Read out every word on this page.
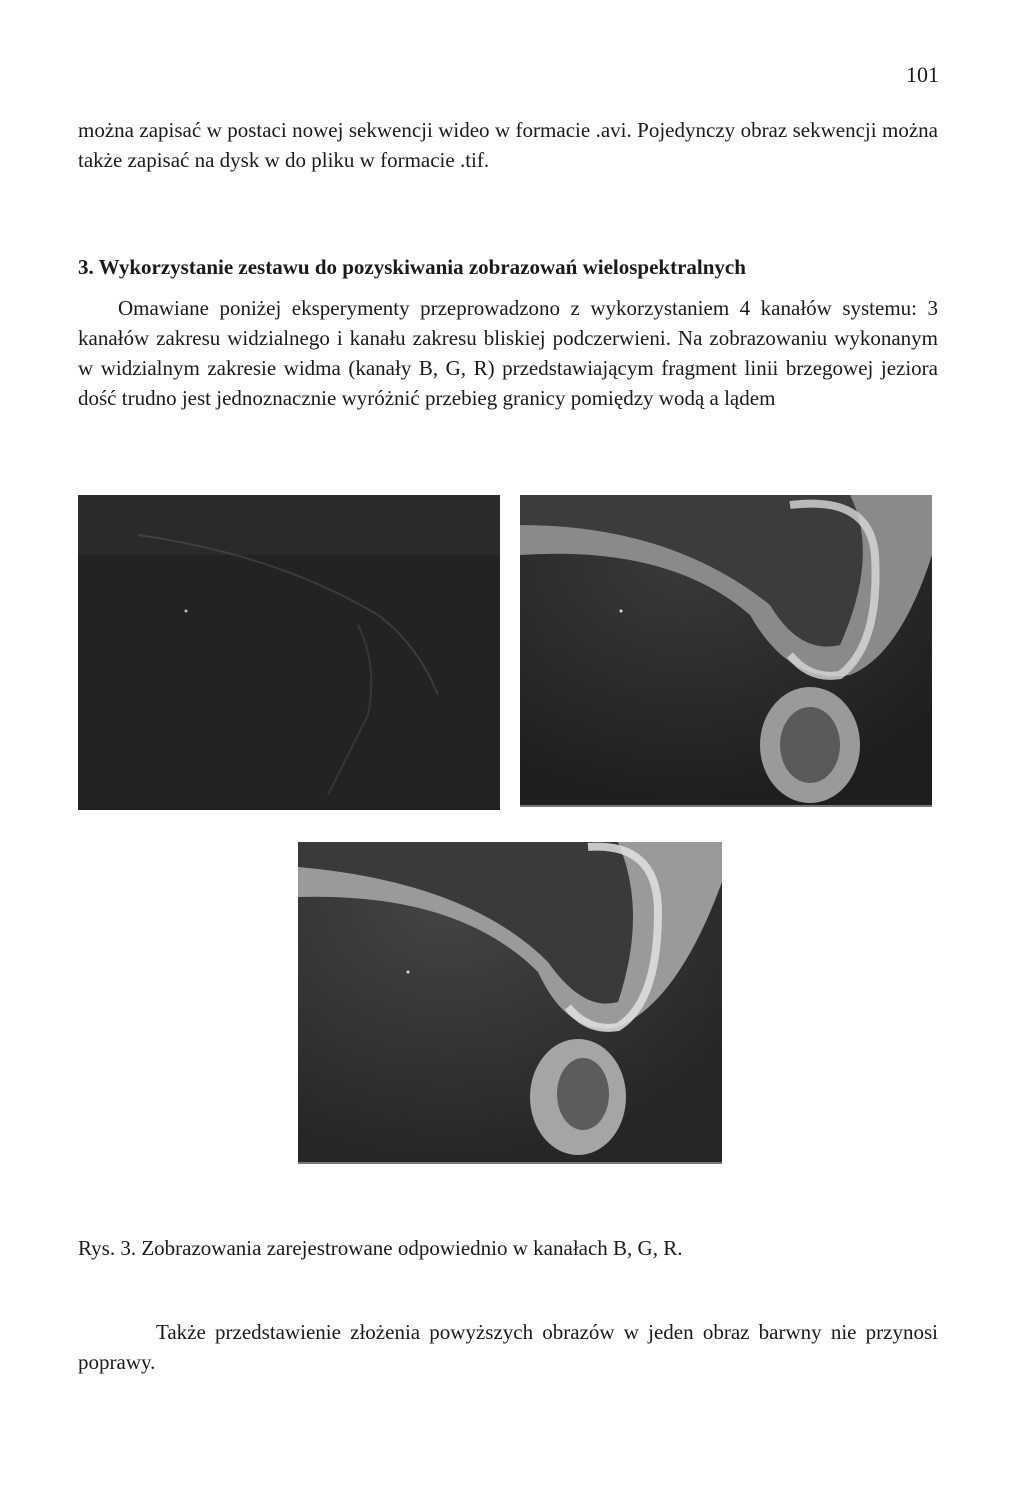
101

można zapisać w postaci nowej sekwencji wideo w formacie .avi. Pojedynczy obraz sekwencji można także zapisać na dysk w do pliku w formacie .tif.

3. Wykorzystanie zestawu do pozyskiwania zobrazowań wielospektralnych

Omawiane poniżej eksperymenty przeprowadzono z wykorzystaniem 4 kanałów systemu: 3 kanałów zakresu widzialnego i kanału zakresu bliskiej podczerwieni. Na zobrazowaniu wykonanym w widzialnym zakresie widma (kanały B, G, R) przedstawiającym fragment linii brzegowej jeziora dość trudno jest jednoznacznie wyróżnić przebieg granicy pomiędzy wodą a lądem

Rys. 3. Zobrazowania zarejestrowane odpowiednio w kanałach B, G, R.

Także przedstawienie złożenia powyższych obrazów w jeden obraz barwny nie przynosi poprawy.
